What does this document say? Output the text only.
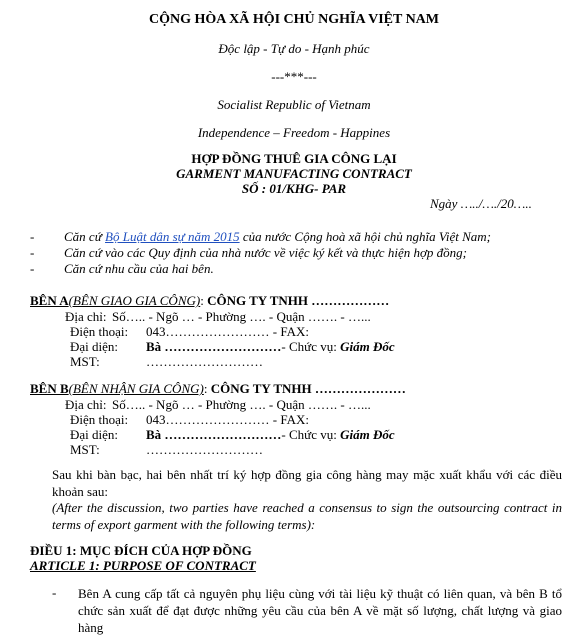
CỘNG HÒA XÃ HỘI CHỦ NGHĨA VIỆT NAM
Độc lập - Tự do - Hạnh phúc
---***---
Socialist Republic of Vietnam
Independence – Freedom - Happines
HỢP ĐỒNG THUÊ GIA CÔNG LẠI
GARMENT MANUFACTING CONTRACT
SỐ : 01/KHG- PAR
Ngày …../…./20…..
- Căn cứ Bộ Luật dân sự năm 2015 của nước Cộng hoà xã hội chủ nghĩa Việt Nam;
- Căn cứ vào các Quy định của nhà nước về việc ký kết và thực hiện hợp đồng;
- Căn cứ nhu cầu của hai bên.
BÊN A(BÊN GIAO GIA CÔNG): CÔNG TY TNHH ………………
Địa chỉ: Số….. - Ngõ … - Phường …. - Quận ……. - …...
Điện thoại: 043…………………… - FAX:
Đại diện: Bà ………………………- Chức vụ: Giám Đốc
MST:	………………………
BÊN B(BÊN NHẬN GIA CÔNG): CÔNG TY TNHH …………………
Địa chỉ: Số….. - Ngõ … - Phường …. - Quận ……. - …...
Điện thoại: 043…………………… - FAX:
Đại diện: Bà ………………………- Chức vụ: Giám Đốc
MST:	………………………
Sau khi bàn bạc, hai bên nhất trí ký hợp đồng gia công hàng may mặc xuất khẩu với các điều khoản sau:
(After the discussion, two parties have reached a consensus to sign the outsourcing contract in terms of export garment with the following terms):
ĐIỀU 1: MỤC ĐÍCH CỦA HỢP ĐỒNG
ARTICLE 1: PURPOSE OF CONTRACT
- Bên A cung cấp tất cả nguyên phụ liệu cùng với tài liệu kỹ thuật có liên quan, và bên B tổ chức sản xuất để đạt được những yêu cầu của bên A về mặt số lượng, chất lượng và giao hàng
